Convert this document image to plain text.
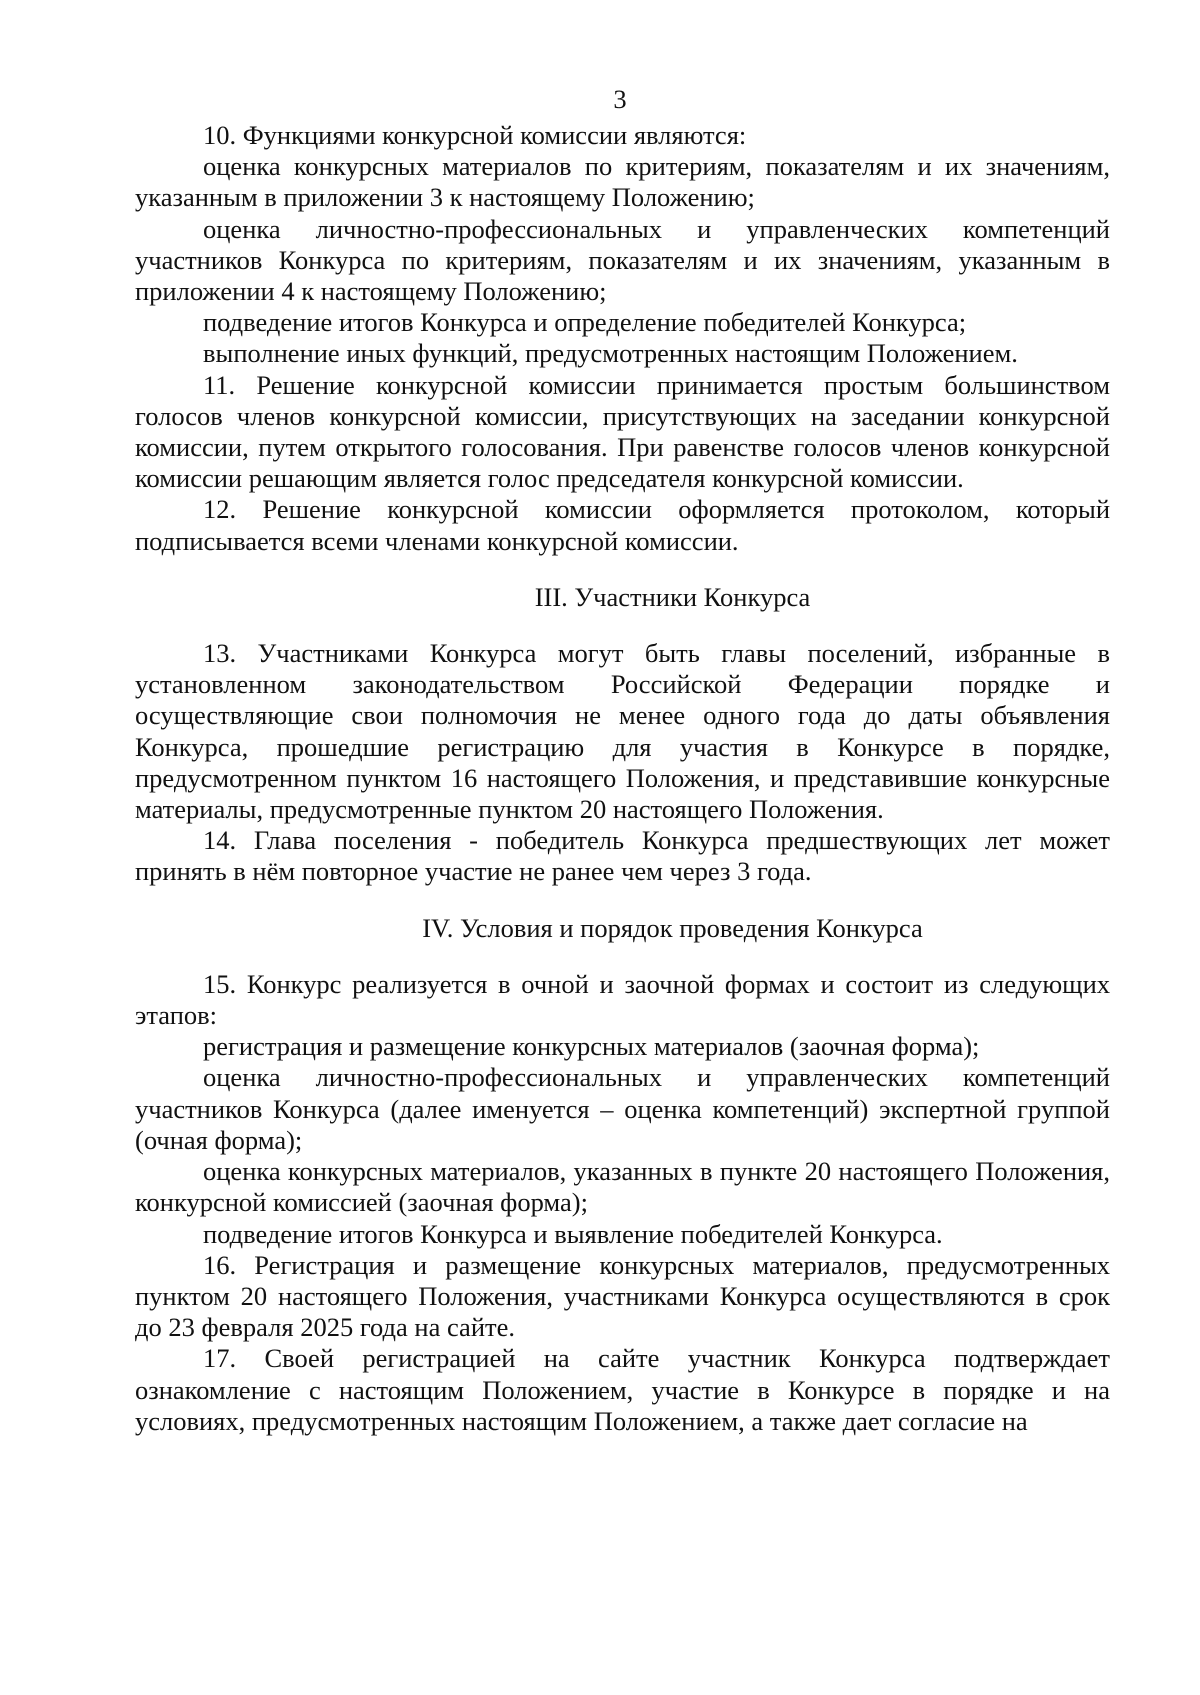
3

10. Функциями конкурсной комиссии являются:

оценка конкурсных материалов по критериям, показателям и их значениям, указанным в приложении 3 к настоящему Положению;

оценка личностно-профессиональных и управленческих компетенций участников Конкурса по критериям, показателям и их значениям, указанным в приложении 4 к настоящему Положению;

подведение итогов Конкурса и определение победителей Конкурса;

выполнение иных функций, предусмотренных настоящим Положением.

11. Решение конкурсной комиссии принимается простым большинством голосов членов конкурсной комиссии, присутствующих на заседании конкурсной комиссии, путем открытого голосования. При равенстве голосов членов конкурсной комиссии решающим является голос председателя конкурсной комиссии.

12. Решение конкурсной комиссии оформляется протоколом, который подписывается всеми членами конкурсной комиссии.

III. Участники Конкурса

13. Участниками Конкурса могут быть главы поселений, избранные в установленном законодательством Российской Федерации порядке и осуществляющие свои полномочия не менее одного года до даты объявления Конкурса, прошедшие регистрацию для участия в Конкурсе в порядке, предусмотренном пунктом 16 настоящего Положения, и представившие конкурсные материалы, предусмотренные пунктом 20 настоящего Положения.

14. Глава поселения - победитель Конкурса предшествующих лет может принять в нём повторное участие не ранее чем через 3 года.

IV. Условия и порядок проведения Конкурса

15. Конкурс реализуется в очной и заочной формах и состоит из следующих этапов:

регистрация и размещение конкурсных материалов (заочная форма);

оценка личностно-профессиональных и управленческих компетенций участников Конкурса (далее именуется – оценка компетенций) экспертной группой (очная форма);

оценка конкурсных материалов, указанных в пункте 20 настоящего Положения, конкурсной комиссией (заочная форма);

подведение итогов Конкурса и выявление победителей Конкурса.

16. Регистрация и размещение конкурсных материалов, предусмотренных пунктом 20 настоящего Положения, участниками Конкурса осуществляются в срок до 23 февраля 2025 года на сайте.

17. Своей регистрацией на сайте участник Конкурса подтверждает ознакомление с настоящим Положением, участие в Конкурсе в порядке и на условиях, предусмотренных настоящим Положением, а также дает согласие на
